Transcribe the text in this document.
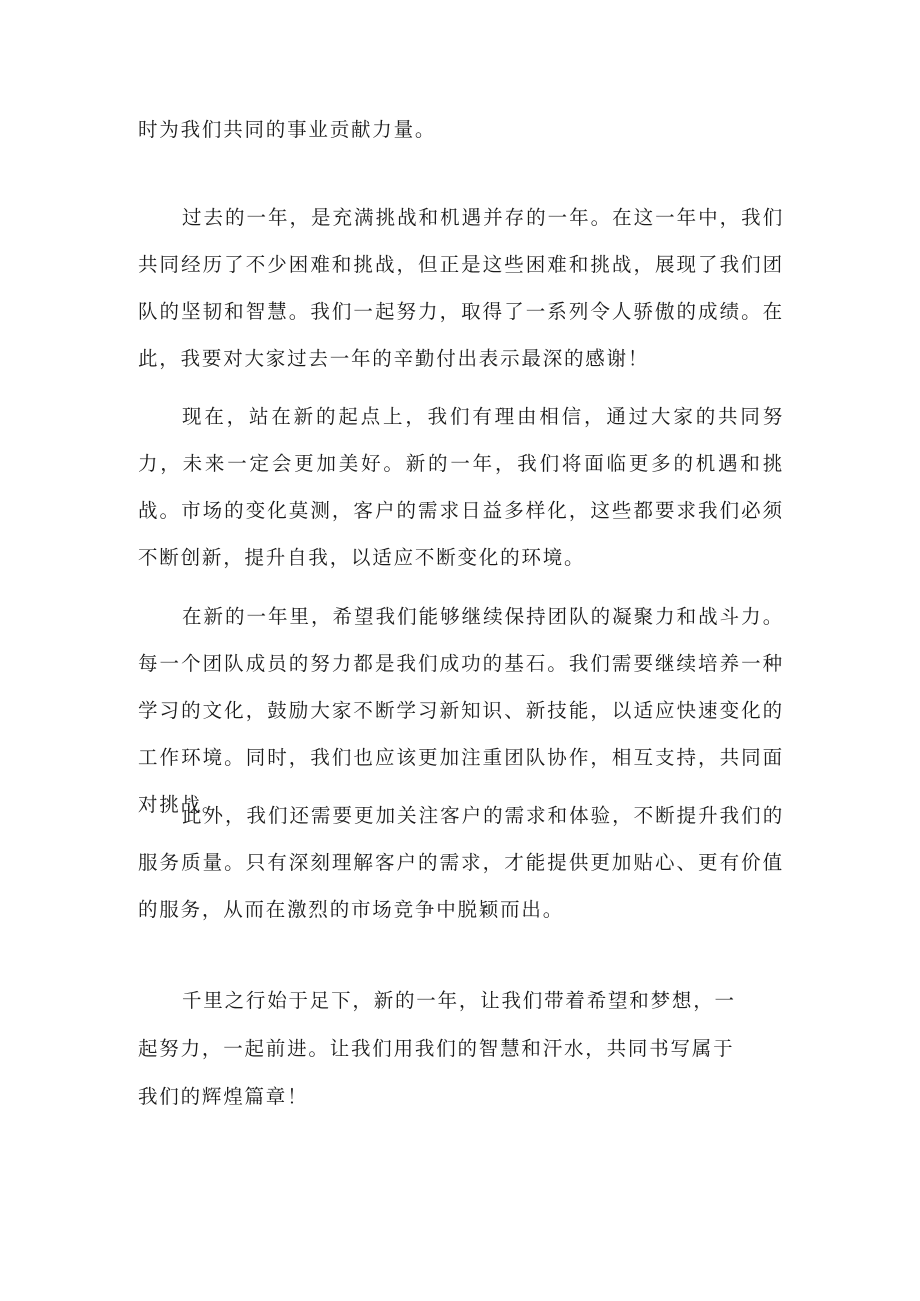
时为我们共同的事业贡献力量。

过去的一年，是充满挑战和机遇并存的一年。在这一年中，我们共同经历了不少困难和挑战，但正是这些困难和挑战，展现了我们团队的坚韧和智慧。我们一起努力，取得了一系列令人骄傲的成绩。在此，我要对大家过去一年的辛勤付出表示最深的感谢！

现在，站在新的起点上，我们有理由相信，通过大家的共同努力，未来一定会更加美好。新的一年，我们将面临更多的机遇和挑战。市场的变化莫测，客户的需求日益多样化，这些都要求我们必须不断创新，提升自我，以适应不断变化的环境。

在新的一年里，希望我们能够继续保持团队的凝聚力和战斗力。每一个团队成员的努力都是我们成功的基石。我们需要继续培养一种学习的文化，鼓励大家不断学习新知识、新技能，以适应快速变化的工作环境。同时，我们也应该更加注重团队协作，相互支持，共同面对挑战。

此外，我们还需要更加关注客户的需求和体验，不断提升我们的服务质量。只有深刻理解客户的需求，才能提供更加贴心、更有价值的服务，从而在激烈的市场竞争中脱颖而出。

千里之行始于足下，新的一年，让我们带着希望和梦想，一起努力，一起前进。让我们用我们的智慧和汗水，共同书写属于我们的辉煌篇章！
